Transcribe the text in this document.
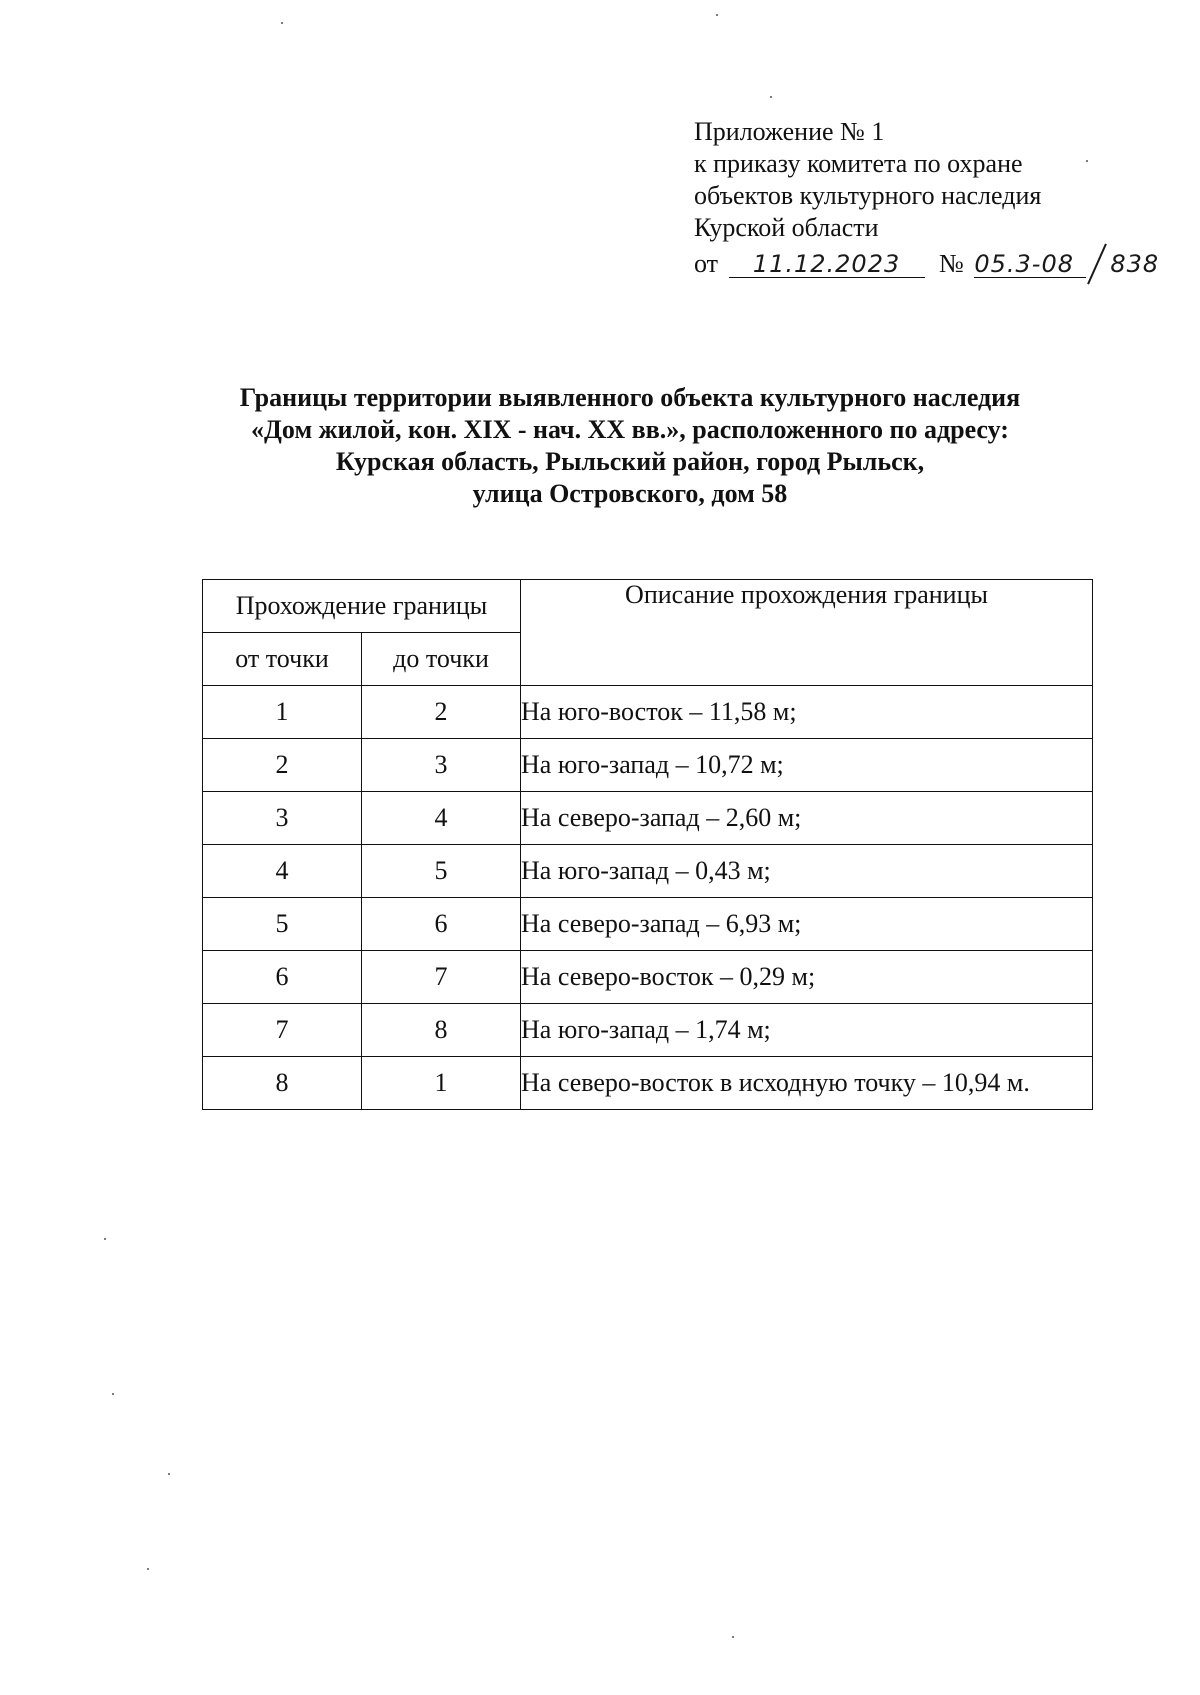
Приложение № 1
к приказу комитета по охране
объектов культурного наследия
Курской области
от 11.12.2023 № 05.3-08 838
Границы территории выявленного объекта культурного наследия
«Дом жилой, кон. XIX - нач. XX вв.», расположенного по адресу:
Курская область, Рыльский район, город Рыльск,
улица Островского, дом 58
Прохождение границы		Описание прохождения границы
от точки	до точки	
1	2	На юго-восток – 11,58 м;
2	3	На юго-запад – 10,72 м;
3	4	На северо-запад – 2,60 м;
4	5	На юго-запад – 0,43 м;
5	6	На северо-запад – 6,93 м;
6	7	На северо-восток – 0,29 м;
7	8	На юго-запад – 1,74 м;
8	1	На северо-восток в исходную точку – 10,94 м.
